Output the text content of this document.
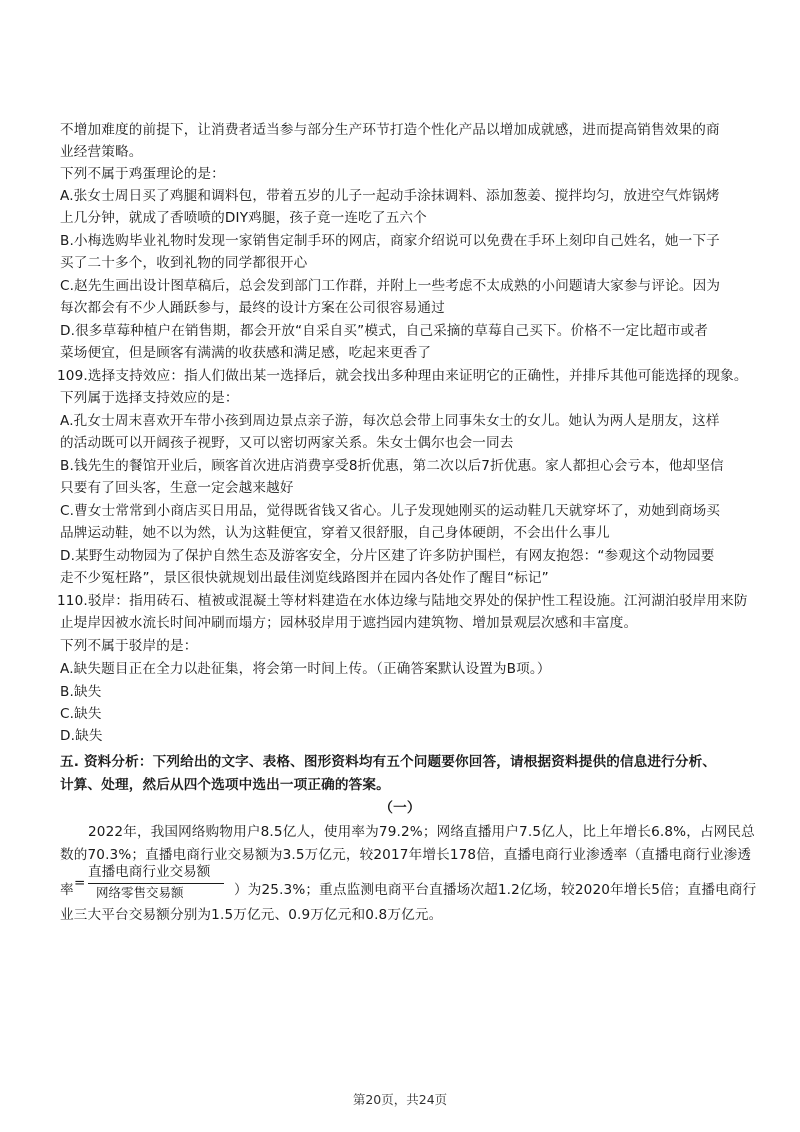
不增加难度的前提下，让消费者适当参与部分生产环节打造个性化产品以增加成就感，进而提高销售效果的商
业经营策略。
下列不属于鸡蛋理论的是：
A.张女士周日买了鸡腿和调料包，带着五岁的儿子一起动手涂抹调料、添加葱姜、搅拌均匀，放进空气炸锅烤
上几分钟，就成了香喷喷的DIY鸡腿，孩子竟一连吃了五六个
B.小梅选购毕业礼物时发现一家销售定制手环的网店，商家介绍说可以免费在手环上刻印自己姓名，她一下子
买了二十多个，收到礼物的同学都很开心
C.赵先生画出设计图草稿后，总会发到部门工作群，并附上一些考虑不太成熟的小问题请大家参与评论。因为
每次都会有不少人踊跃参与，最终的设计方案在公司很容易通过
D.很多草莓种植户在销售期，都会开放“自采自买”模式，自己采摘的草莓自己买下。价格不一定比超市或者
菜场便宜，但是顾客有满满的收获感和满足感，吃起来更香了
109.选择支持效应：指人们做出某一选择后，就会找出多种理由来证明它的正确性，并排斥其他可能选择的现象。
下列属于选择支持效应的是：
A.孔女士周末喜欢开车带小孩到周边景点亲子游，每次总会带上同事朱女士的女儿。她认为两人是朋友，这样
的活动既可以开阔孩子视野，又可以密切两家关系。朱女士偶尔也会一同去
B.钱先生的餐馆开业后，顾客首次进店消费享受8折优惠，第二次以后7折优惠。家人都担心会亏本，他却坚信
只要有了回头客，生意一定会越来越好
C.曹女士常常到小商店买日用品，觉得既省钱又省心。儿子发现她刚买的运动鞋几天就穿坏了，劝她到商场买
品牌运动鞋，她不以为然，认为这鞋便宜，穿着又很舒服，自己身体硬朗，不会出什么事儿
D.某野生动物园为了保护自然生态及游客安全，分片区建了许多防护围栏，有网友抱怨：“参观这个动物园要
走不少冤枉路”，景区很快就规划出最佳浏览线路图并在园内各处作了醒目“标记”
110.驳岸：指用砖石、植被或混凝土等材料建造在水体边缘与陆地交界处的保护性工程设施。江河湖泊驳岸用来防
止堤岸因被水流长时间冲刷而塌方；园林驳岸用于遮挡园内建筑物、增加景观层次感和丰富度。
下列不属于驳岸的是：
A.缺失题目正在全力以赴征集，将会第一时间上传。（正确答案默认设置为B项。）
B.缺失
C.缺失
D.缺失
五. 资料分析：下列给出的文字、表格、图形资料均有五个问题要你回答，请根据资料提供的信息进行分析、
计算、处理，然后从四个选项中选出一项正确的答案。
（一）
2022年，我国网络购物用户8.5亿人，使用率为79.2%；网络直播用户7.5亿人，比上年增长6.8%，占网民总
数的70.3%；直播电商行业交易额为3.5万亿元，较2017年增长178倍，直播电商行业渗透率（直播电商行业渗透
率 =
直播电商行业交易额
网络零售交易额	）为25.3%；重点监测电商平台直播场次超1.2亿场，较2020年增长5倍；直播电商行
业三大平台交易额分别为1.5万亿元、0.9万亿元和0.8万亿元。
第20页，共24页
